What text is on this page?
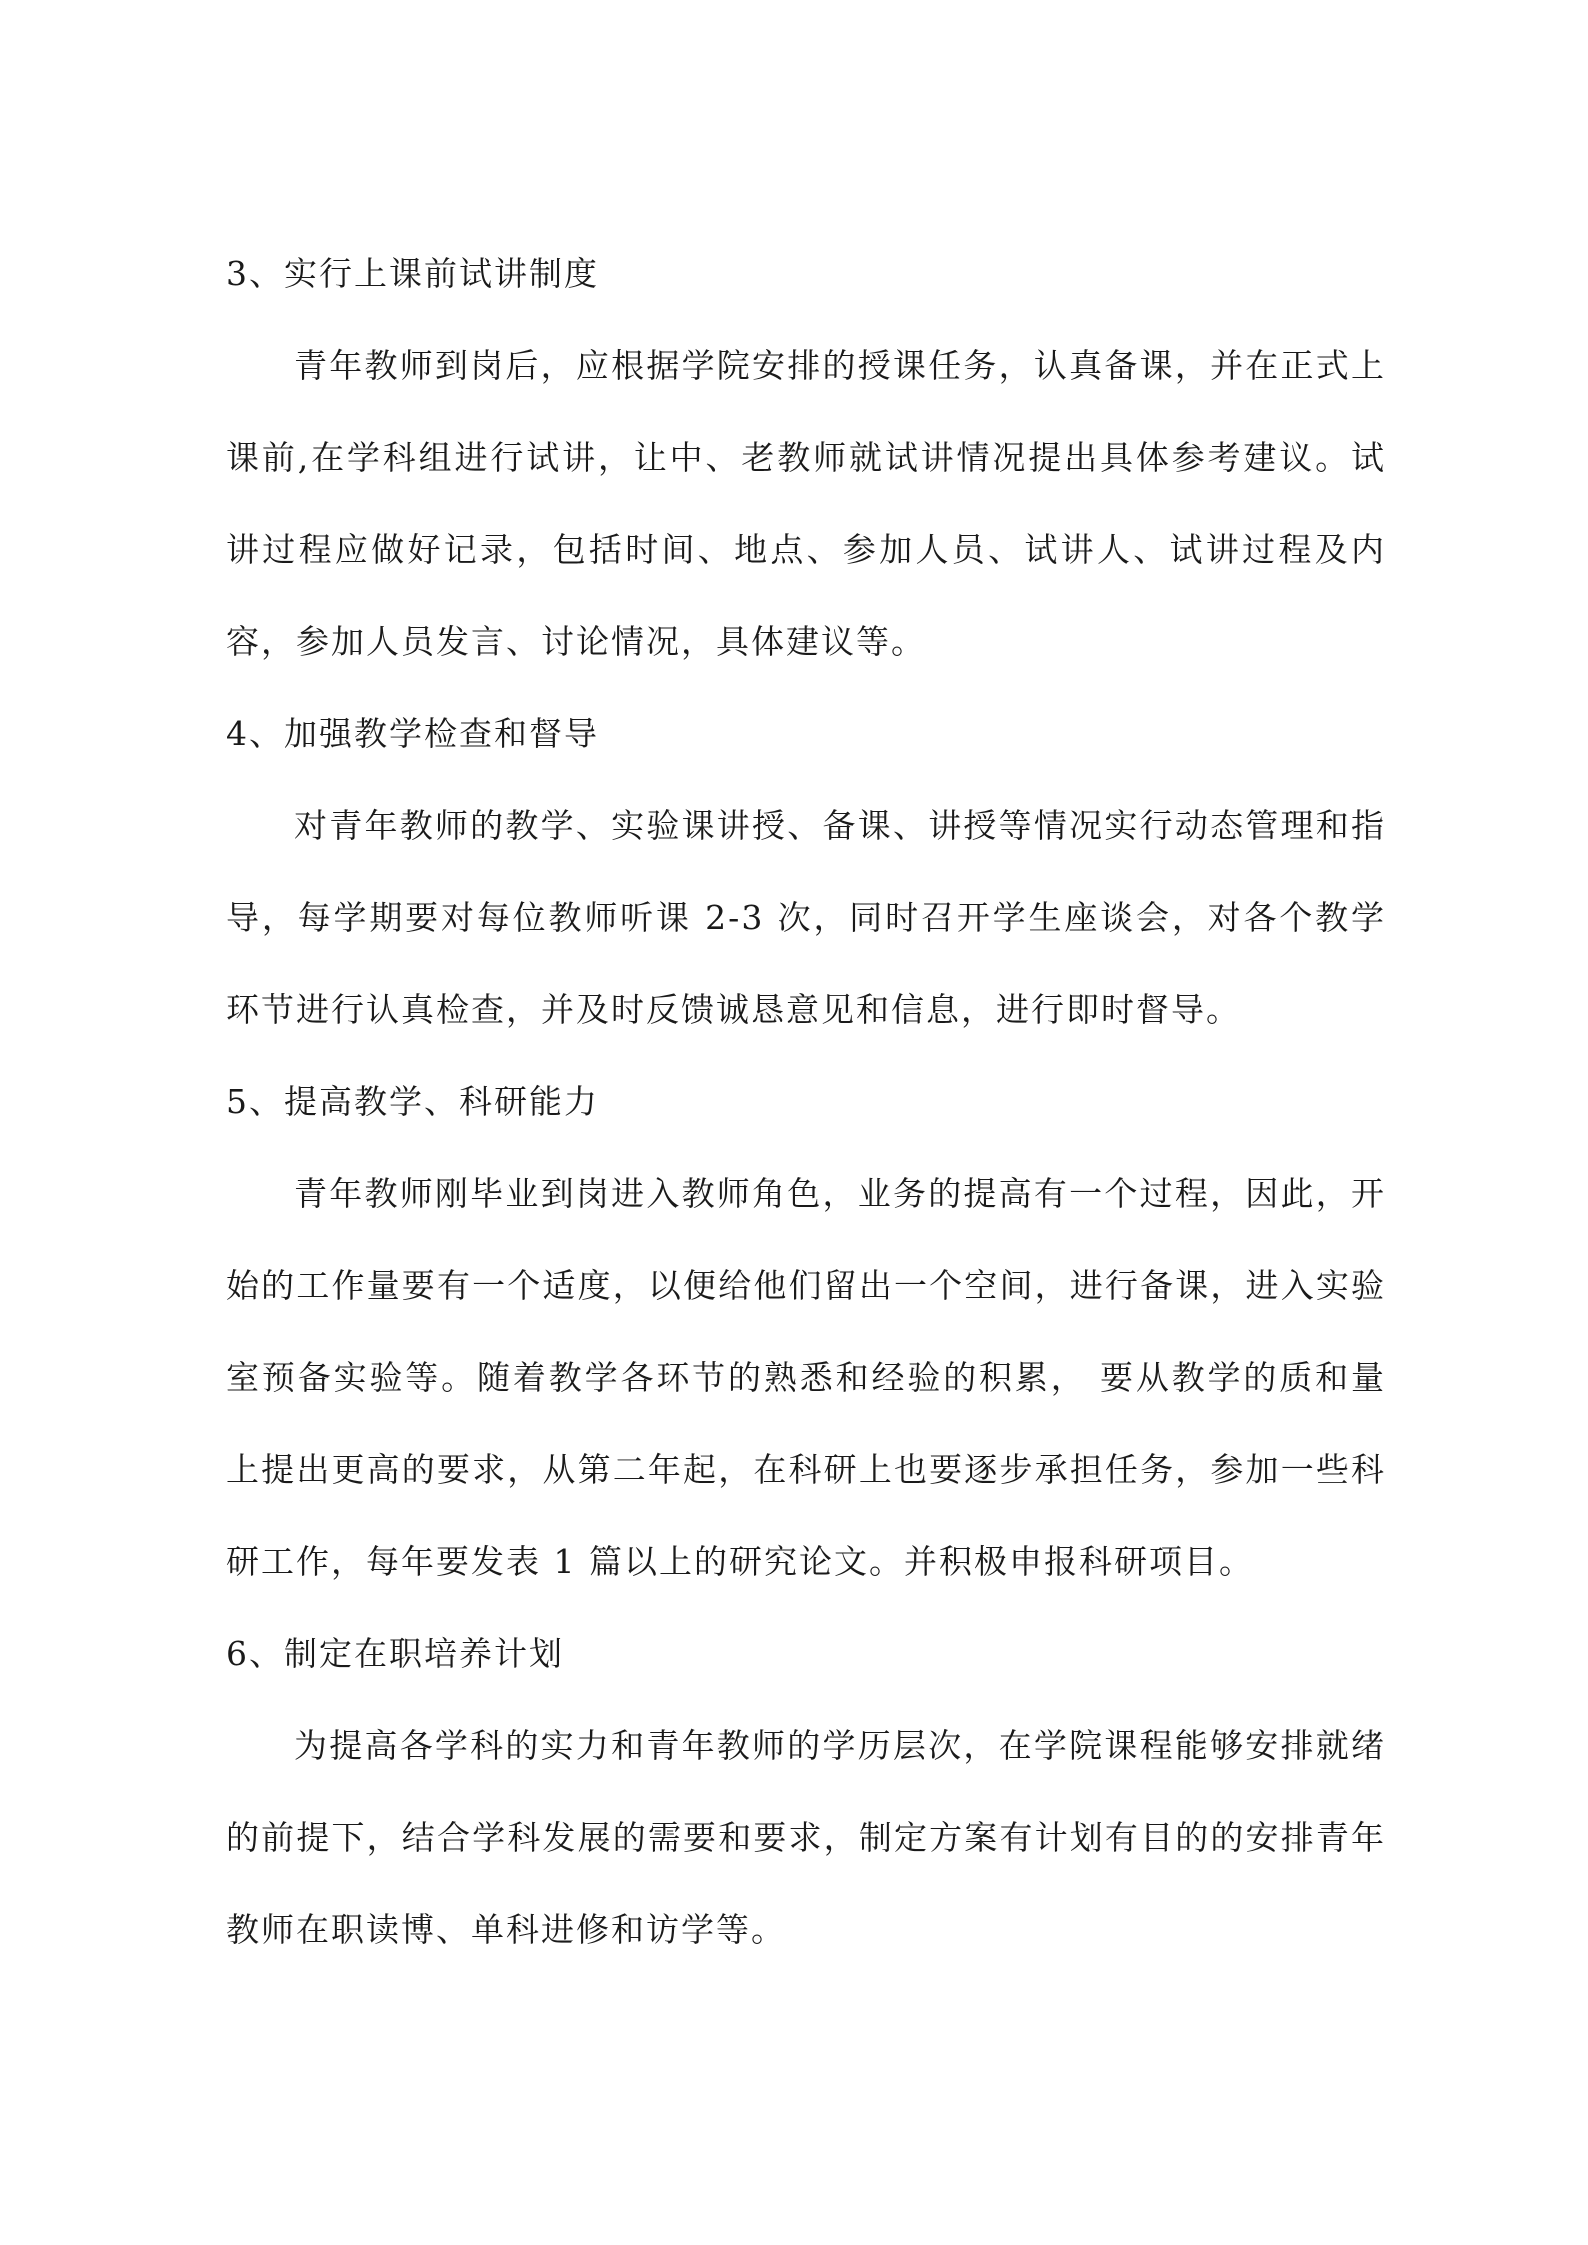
3、实行上课前试讲制度

青年教师到岗后，应根据学院安排的授课任务，认真备课，并在正式上课前,在学科组进行试讲，让中、老教师就试讲情况提出具体参考建议。试讲过程应做好记录，包括时间、地点、参加人员、试讲人、试讲过程及内容，参加人员发言、讨论情况，具体建议等。

4、加强教学检查和督导

对青年教师的教学、实验课讲授、备课、讲授等情况实行动态管理和指导，每学期要对每位教师听课 2-3 次，同时召开学生座谈会，对各个教学环节进行认真检查，并及时反馈诚恳意见和信息，进行即时督导。

5、提高教学、科研能力

青年教师刚毕业到岗进入教师角色，业务的提高有一个过程，因此，开始的工作量要有一个适度，以便给他们留出一个空间，进行备课，进入实验室预备实验等。随着教学各环节的熟悉和经验的积累， 要从教学的质和量上提出更高的要求，从第二年起，在科研上也要逐步承担任务，参加一些科研工作，每年要发表 1 篇以上的研究论文。并积极申报科研项目。

6、制定在职培养计划

为提高各学科的实力和青年教师的学历层次，在学院课程能够安排就绪的前提下，结合学科发展的需要和要求，制定方案有计划有目的的安排青年教师在职读博、单科进修和访学等。
